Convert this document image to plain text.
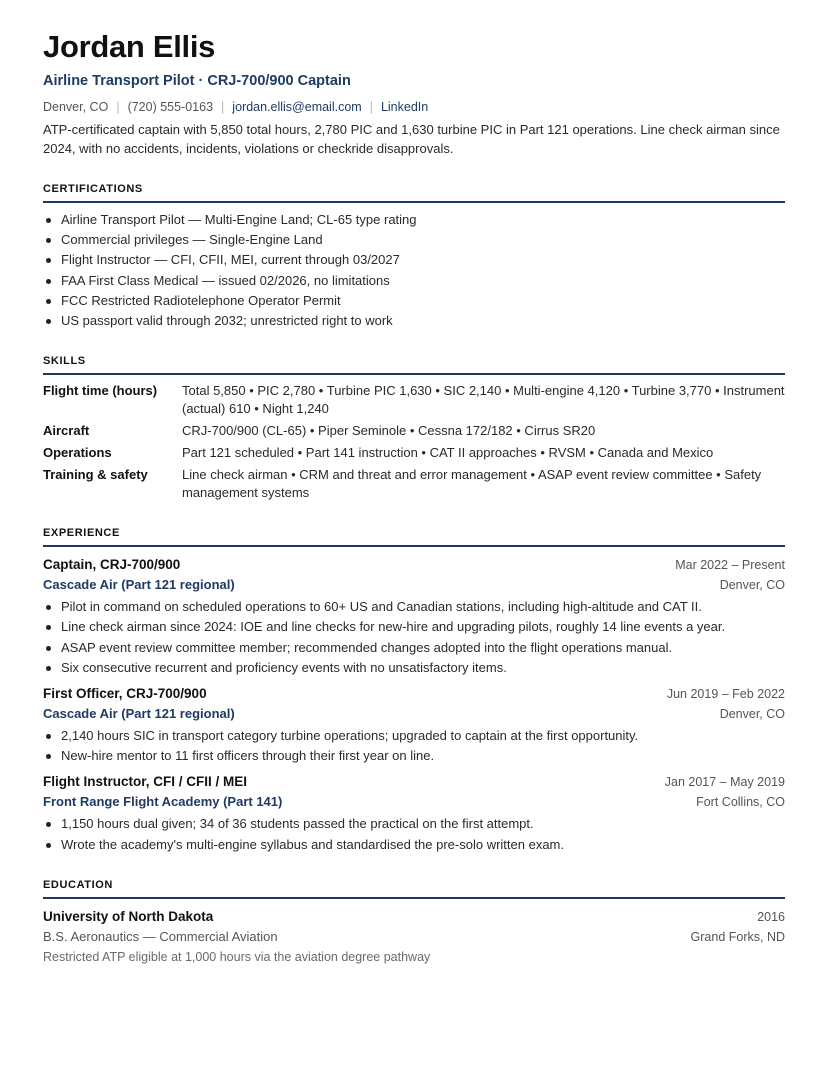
Jordan Ellis
Airline Transport Pilot · CRJ-700/900 Captain
Denver, CO | (720) 555-0163 | jordan.ellis@email.com | LinkedIn
ATP-certificated captain with 5,850 total hours, 2,780 PIC and 1,630 turbine PIC in Part 121 operations. Line check airman since 2024, with no accidents, incidents, violations or checkride disapprovals.
CERTIFICATIONS
Airline Transport Pilot — Multi-Engine Land; CL-65 type rating
Commercial privileges — Single-Engine Land
Flight Instructor — CFI, CFII, MEI, current through 03/2027
FAA First Class Medical — issued 02/2026, no limitations
FCC Restricted Radiotelephone Operator Permit
US passport valid through 2032; unrestricted right to work
SKILLS
Flight time (hours)	Total 5,850 • PIC 2,780 • Turbine PIC 1,630 • SIC 2,140 • Multi-engine 4,120 • Turbine 3,770 • Instrument (actual) 610 • Night 1,240
Aircraft	CRJ-700/900 (CL-65) • Piper Seminole • Cessna 172/182 • Cirrus SR20
Operations	Part 121 scheduled • Part 141 instruction • CAT II approaches • RVSM • Canada and Mexico
Training & safety	Line check airman • CRM and threat and error management • ASAP event review committee • Safety management systems
EXPERIENCE
Captain, CRJ-700/900	Mar 2022 – Present
Cascade Air (Part 121 regional)	Denver, CO
Pilot in command on scheduled operations to 60+ US and Canadian stations, including high-altitude and CAT II.
Line check airman since 2024: IOE and line checks for new-hire and upgrading pilots, roughly 14 line events a year.
ASAP event review committee member; recommended changes adopted into the flight operations manual.
Six consecutive recurrent and proficiency events with no unsatisfactory items.
First Officer, CRJ-700/900	Jun 2019 – Feb 2022
Cascade Air (Part 121 regional)	Denver, CO
2,140 hours SIC in transport category turbine operations; upgraded to captain at the first opportunity.
New-hire mentor to 11 first officers through their first year on line.
Flight Instructor, CFI / CFII / MEI	Jan 2017 – May 2019
Front Range Flight Academy (Part 141)	Fort Collins, CO
1,150 hours dual given; 34 of 36 students passed the practical on the first attempt.
Wrote the academy's multi-engine syllabus and standardised the pre-solo written exam.
EDUCATION
University of North Dakota	2016
B.S. Aeronautics — Commercial Aviation	Grand Forks, ND
Restricted ATP eligible at 1,000 hours via the aviation degree pathway
